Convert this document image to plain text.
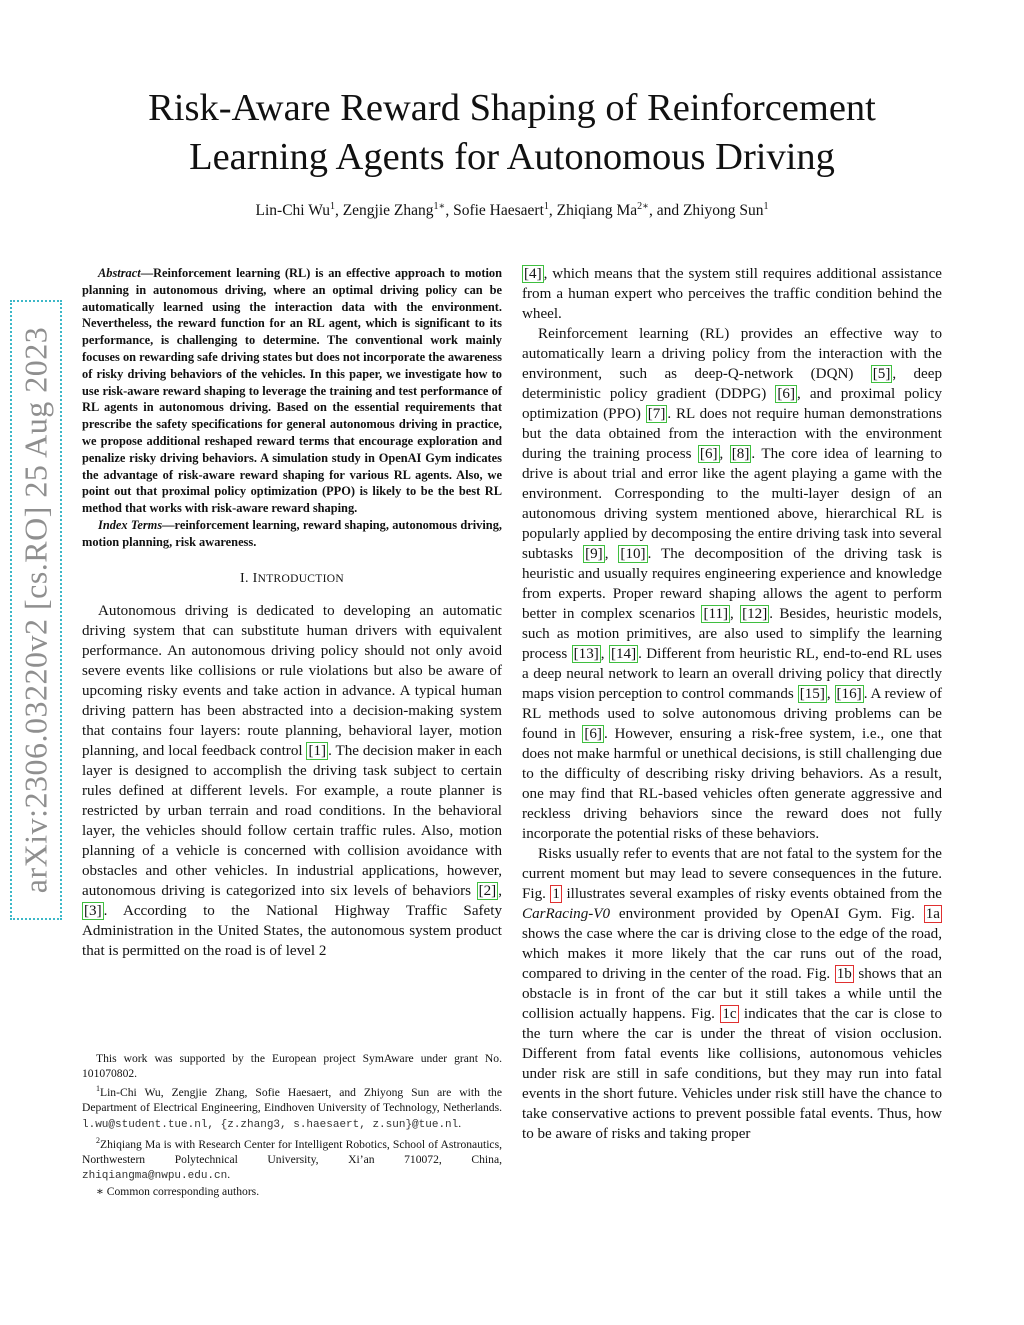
arXiv:2306.03220v2 [cs.RO] 25 Aug 2023
Risk-Aware Reward Shaping of Reinforcement
Learning Agents for Autonomous Driving
Lin-Chi Wu$^1$, Zengjie Zhang$^{1∗}$, Sofie Haesaert$^1$, Zhiqiang $Ma^{2∗}$, and Zhiyong Sun$^1$

Abstract—Reinforcement learning (RL) is an effective approach to motion planning in autonomous driving, where an optimal driving policy can be automatically learned using the interaction data with the environment. Nevertheless, the reward function for an RL agent, which is significant to its performance, is challenging to determine. The conventional work mainly focuses on rewarding safe driving states but does not incorporate the awareness of risky driving behaviors of the vehicles. In this paper, we investigate how to use risk-aware reward shaping to leverage the training and test performance of RL agents in autonomous driving. Based on the essential requirements that prescribe the safety specifications for general autonomous driving in practice, we propose additional reshaped reward terms that encourage exploration and penalize risky driving behaviors. A simulation study in OpenAI Gym indicates the advantage of risk-aware reward shaping for various RL agents. Also, we point out that proximal policy optimization (PPO) is likely to be the best RL method that works with risk-aware reward shaping.

Index Terms—reinforcement learning, reward shaping, autonomous driving, motion planning, risk awareness.

I. INTRODUCTION

Autonomous driving is dedicated to developing an automatic driving system that can substitute human drivers with equivalent performance. An autonomous driving policy should not only avoid severe events like collisions or rule violations but also be aware of upcoming risky events and take action in advance. A typical human driving pattern has been abstracted into a decision-making system that contains four layers: route planning, behavioral layer, motion planning, and local feedback control [1] . The decision maker in each layer is designed to accomplish the driving task subject to certain rules defined at different levels. For example, a route planner is restricted by urban terrain and road conditions. In the behavioral layer, the vehicles should follow certain traffic rules. Also, motion planning of a vehicle is concerned with collision avoidance with obstacles and other vehicles. In industrial applications, however, autonomous driving is categorized into six levels of behaviors [2] , [3] . According to the National Highway Traffic Safety Administration in the United States, the autonomous system product that is permitted on the road is of level 2

This work was supported by the European project SymAware under grant No. 101070802.

$^1$Lin-Chi Wu, Zengjie Zhang, Sofie Haesaert, and Zhiyong Sun are with the Department of Electrical Engineering, Eindhoven University of Technology, Netherlands. l.wu@student.tue.nl, {z.zhang3, s.haesaert, z.sun}@tue.nl.

$^2$Zhiqiang Ma is with Research Center for Intelligent Robotics, School of Astronautics, Northwestern Polytechnical University, Xi’an 710072, China, zhiqiangma@nwpu.edu.cn.

∗ Common corresponding authors.

[4] , which means that the system still requires additional assistance from a human expert who perceives the traffic condition behind the wheel.

Reinforcement learning (RL) provides an effective way to automatically learn a driving policy from the interaction with the environment, such as deep-Q-network (DQN) [5] , deep deterministic policy gradient (DDPG) [6] , and proximal policy optimization (PPO) [7] . RL does not require human demonstrations but the data obtained from the interaction with the environment during the training process [6] , [8] . The core idea of learning to drive is about trial and error like the agent playing a game with the environment. Corresponding to the multi-layer design of an autonomous driving system mentioned above, hierarchical RL is popularly applied by decomposing the entire driving task into several subtasks [9] , [10] . The decomposition of the driving task is heuristic and usually requires engineering experience and knowledge from experts. Proper reward shaping allows the agent to perform better in complex scenarios [11] , [12] . Besides, heuristic models, such as motion primitives, are also used to simplify the learning process [13] , [14] . Different from heuristic RL, end-to-end RL uses a deep neural network to learn an overall driving policy that directly maps vision perception to control commands [15] , [16] . A review of RL methods used to solve autonomous driving problems can be found in [6] . However, ensuring a risk-free system, i.e., one that does not make harmful or unethical decisions, is still challenging due to the difficulty of describing risky driving behaviors. As a result, one may find that RL-based vehicles often generate aggressive and reckless driving behaviors since the reward does not fully incorporate the potential risks of these behaviors.

Risks usually refer to events that are not fatal to the system for the current moment but may lead to severe consequences in the future. Fig. 1 illustrates several examples of risky events obtained from the CarRacing-V0 environment provided by OpenAI Gym. Fig. 1a shows the case where the car is driving close to the edge of the road, which makes it more likely that the car runs out of the road, compared to driving in the center of the road. Fig. 1b shows that an obstacle is in front of the car but it still takes a while until the collision actually happens. Fig. 1c indicates that the car is close to the turn where the car is under the threat of vision occlusion. Different from fatal events like collisions, autonomous vehicles under risk are still in safe conditions, but they may run into fatal events in the short future. Vehicles under risk still have the chance to take conservative actions to prevent possible fatal events. Thus, how to be aware of risks and taking proper
